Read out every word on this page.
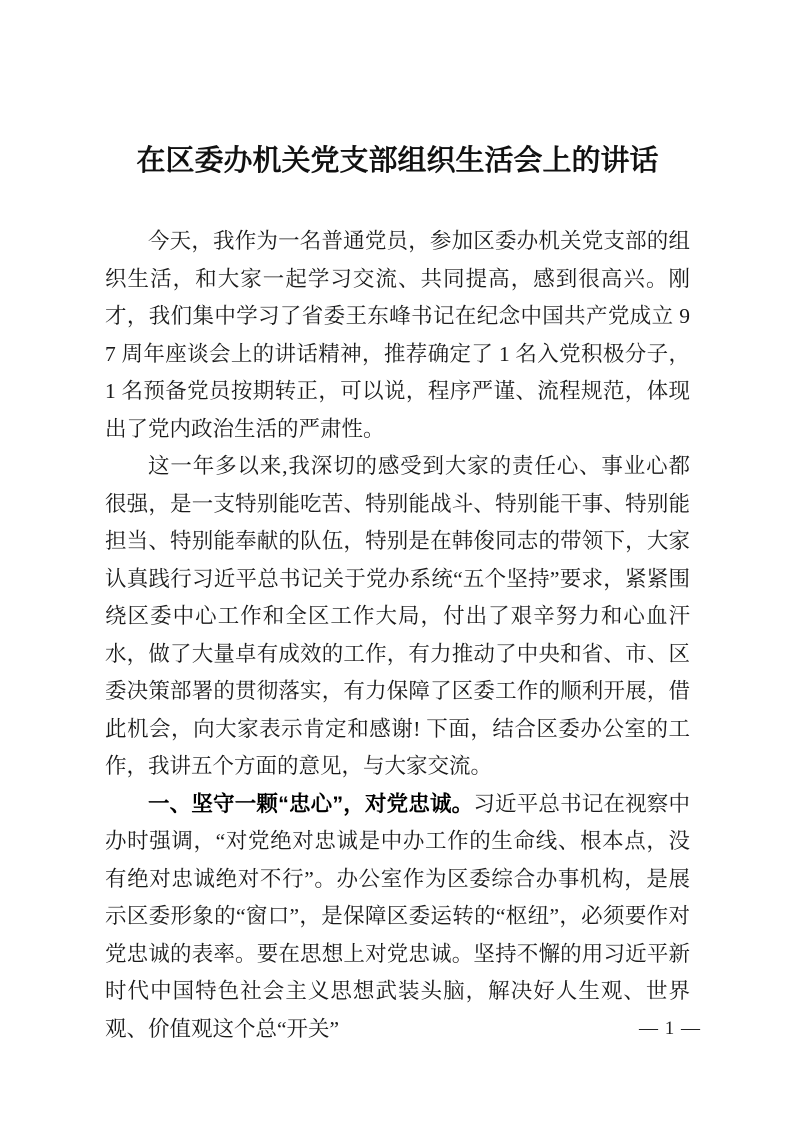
在区委办机关党支部组织生活会上的讲话

今天，我作为一名普通党员，参加区委办机关党支部的组织生活，和大家一起学习交流、共同提高，感到很高兴。刚才，我们集中学习了省委王东峰书记在纪念中国共产党成立 97 周年座谈会上的讲话精神，推荐确定了 1 名入党积极分子，1 名预备党员按期转正，可以说，程序严谨、流程规范，体现出了党内政治生活的严肃性。

这一年多以来,我深切的感受到大家的责任心、事业心都很强，是一支特别能吃苦、特别能战斗、特别能干事、特别能担当、特别能奉献的队伍，特别是在韩俊同志的带领下，大家认真践行习近平总书记关于党办系统“五个坚持”要求，紧紧围绕区委中心工作和全区工作大局，付出了艰辛努力和心血汗水，做了大量卓有成效的工作，有力推动了中央和省、市、区委决策部署的贯彻落实，有力保障了区委工作的顺利开展，借此机会，向大家表示肯定和感谢! 下面，结合区委办公室的工作，我讲五个方面的意见，与大家交流。

一、坚守一颗“忠心”，对党忠诚。习近平总书记在视察中办时强调，“对党绝对忠诚是中办工作的生命线、根本点，没有绝对忠诚绝对不行”。办公室作为区委综合办事机构，是展示区委形象的“窗口”，是保障区委运转的“枢纽”，必须要作对党忠诚的表率。要在思想上对党忠诚。坚持不懈的用习近平新时代中国特色社会主义思想武装头脑，解决好人生观、世界观、价值观这个总“开关”	— 1 —
